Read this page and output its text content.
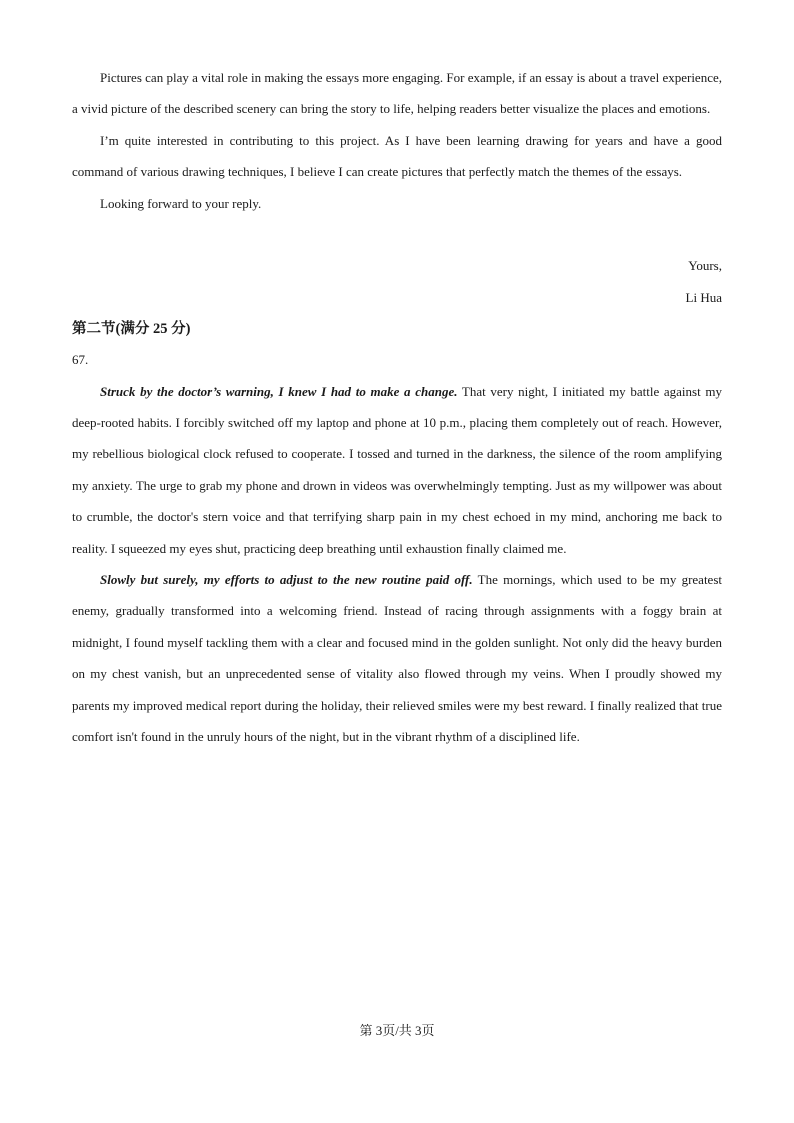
Pictures can play a vital role in making the essays more engaging. For example, if an essay is about a travel experience, a vivid picture of the described scenery can bring the story to life, helping readers better visualize the places and emotions.

I’m quite interested in contributing to this project. As I have been learning drawing for years and have a good command of various drawing techniques, I believe I can create pictures that perfectly match the themes of the essays.

Looking forward to your reply.

Yours,

Li Hua

第二节(满分 25 分)
67.

Struck by the doctor’s warning, I knew I had to make a change. That very night, I initiated my battle against my deep-rooted habits. I forcibly switched off my laptop and phone at 10 p.m., placing them completely out of reach. However, my rebellious biological clock refused to cooperate. I tossed and turned in the darkness, the silence of the room amplifying my anxiety. The urge to grab my phone and drown in videos was overwhelmingly tempting. Just as my willpower was about to crumble, the doctor's stern voice and that terrifying sharp pain in my chest echoed in my mind, anchoring me back to reality. I squeezed my eyes shut, practicing deep breathing until exhaustion finally claimed me.

Slowly but surely, my efforts to adjust to the new routine paid off. The mornings, which used to be my greatest enemy, gradually transformed into a welcoming friend. Instead of racing through assignments with a foggy brain at midnight, I found myself tackling them with a clear and focused mind in the golden sunlight. Not only did the heavy burden on my chest vanish, but an unprecedented sense of vitality also flowed through my veins. When I proudly showed my parents my improved medical report during the holiday, their relieved smiles were my best reward. I finally realized that true comfort isn't found in the unruly hours of the night, but in the vibrant rhythm of a disciplined life.

第 3页/共 3页
